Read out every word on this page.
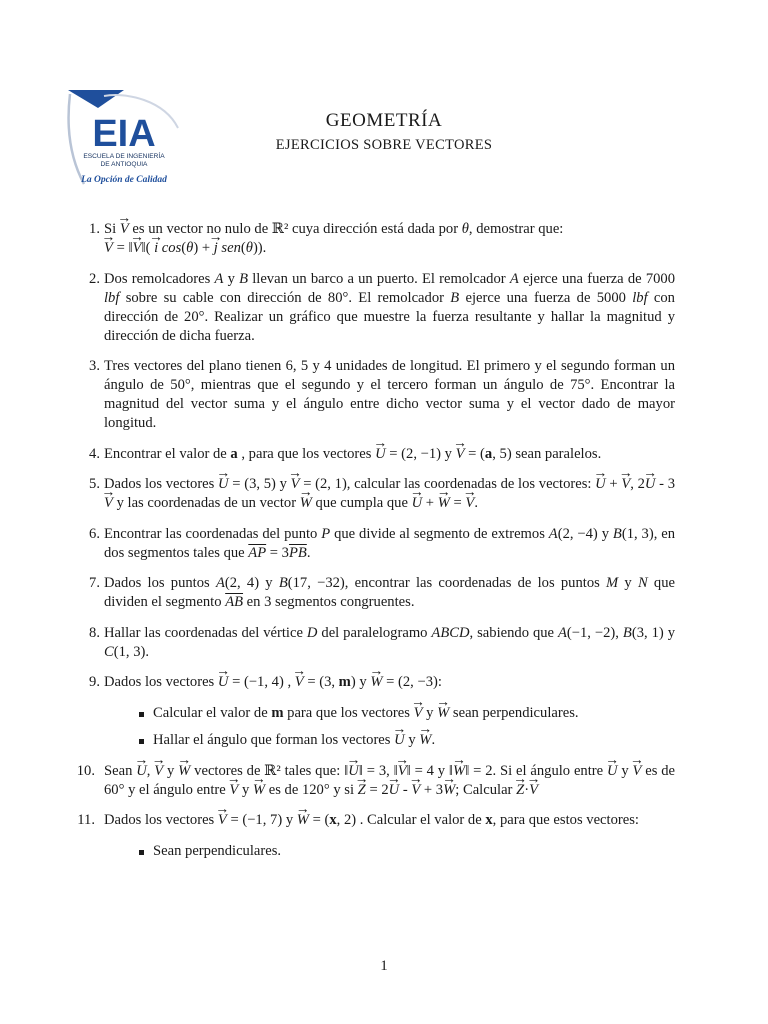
EIA
ESCUELA DE INGENIERÍA
DE ANTIOQUIA
La Opción de Calidad
GEOMETRÍA
EJERCICIOS SOBRE VECTORES
1. Si → V es un vector no nulo de ℝ² cuya dirección está dada por θ, demostrar que:
→ V = ‖→ V‖( → i cos(θ) + → j sen(θ)).
2. Dos remolcadores A y B llevan un barco a un puerto. El remolcador A ejerce una fuerza de 7000 lbf sobre su cable con dirección de 80°. El remolcador B ejerce una fuerza de 5000 lbf con dirección de 20°. Realizar un gráfico que muestre la fuerza resultante y hallar la magnitud y dirección de dicha fuerza.
3. Tres vectores del plano tienen 6, 5 y 4 unidades de longitud. El primero y el segundo forman un ángulo de 50°, mientras que el segundo y el tercero forman un ángulo de 75°. Encontrar la magnitud del vector suma y el ángulo entre dicho vector suma y el vector dado de mayor longitud.
4. Encontrar el valor de a , para que los vectores → U = (2, −1) y → V = (a, 5) sean paralelos.
5. Dados los vectores → U = (3, 5) y → V = (2, 1), calcular las coordenadas de los vectores: → U + → V, 2→ U - 3→ V y las coordenadas de un vector → W que cumpla que → U + → W = → V.
6. Encontrar las coordenadas del punto P que divide al segmento de extremos A(2, −4) y B(1, 3), en dos segmentos tales que $\overline{AP} = 3\overline{PB}$.
7. Dados los puntos A(2, 4) y B(17, −32), encontrar las coordenadas de los puntos M y N que dividen el segmento $\overline{AB}$ en 3 segmentos congruentes.
8. Hallar las coordenadas del vértice D del paralelogramo ABCD, sabiendo que A(−1, −2), B(3, 1) y C(1, 3).
9. Dados los vectores → U = (−1, 4) , → V = (3, m) y → W = (2, −3):
Calcular el valor de m para que los vectores → V y → W sean perpendiculares.
Hallar el ángulo que forman los vectores → U y → W.
10. Sean → U, → V y → W vectores de ℝ² tales que: ‖→ U‖ = 3, ‖→ V‖ = 4 y ‖→ W‖ = 2. Si el ángulo entre → U y → V es de 60° y el ángulo entre → V y → W es de 120° y si → Z = 2→ U - → V + 3→ W; Calcular → Z·→ V
11. Dados los vectores → V = (−1, 7) y → W = (x, 2) . Calcular el valor de x, para que estos vectores:
Sean perpendiculares.
1
